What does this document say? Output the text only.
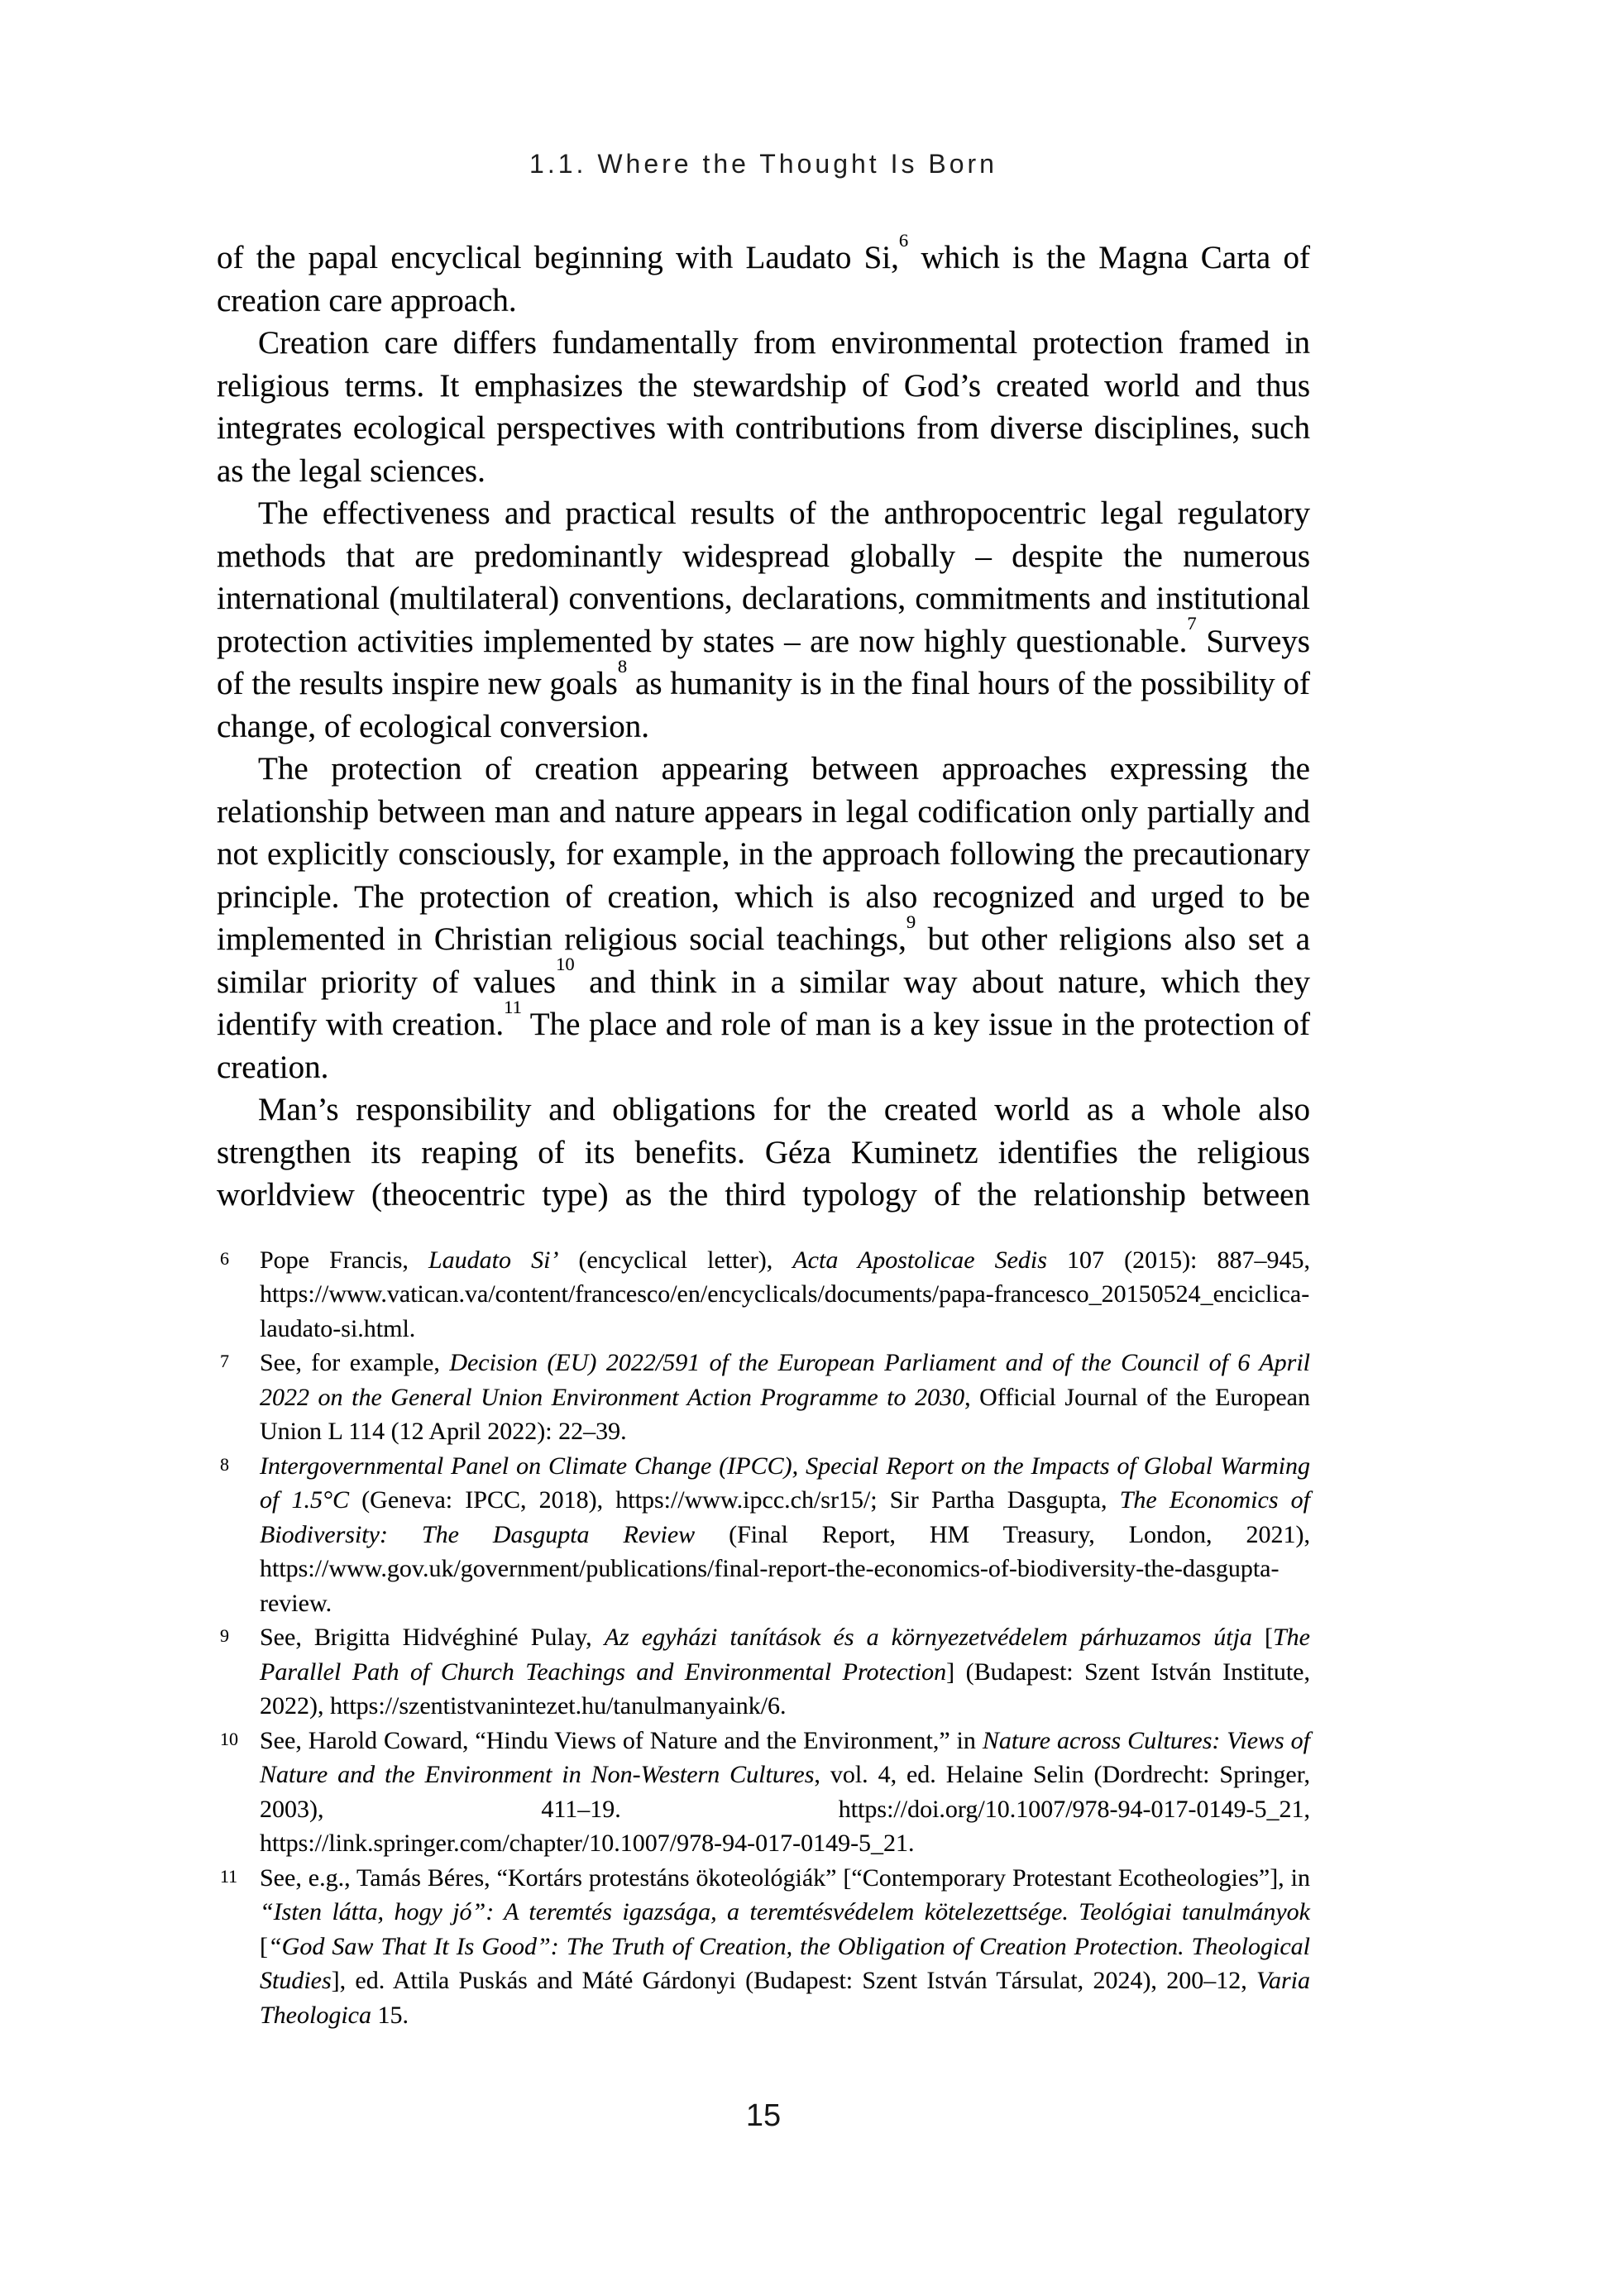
1.1. Where the Thought Is Born

of the papal encyclical beginning with Laudato Si,$^6$ which is the Magna Carta of creation care approach.

Creation care differs fundamentally from environmental protection framed in religious terms. It emphasizes the stewardship of God’s created world and thus integrates ecological perspectives with contributions from diverse disciplines, such as the legal sciences.

The effectiveness and practical results of the anthropocentric legal regulatory methods that are predominantly widespread globally – despite the numerous international (multilateral) conventions, declarations, commitments and institutional protection activities implemented by states – are now highly questionable.$^7$ Surveys of the results inspire new goals$^8$ as humanity is in the final hours of the possibility of change, of ecological conversion.

The protection of creation appearing between approaches expressing the relationship between man and nature appears in legal codification only partially and not explicitly consciously, for example, in the approach following the precautionary principle. The protection of creation, which is also recognized and urged to be implemented in Christian religious social teachings,$^9$ but other religions also set a similar priority of values$^{10}$ and think in a similar way about nature, which they identify with creation.$^{11}$ The place and role of man is a key issue in the protection of creation.

Man’s responsibility and obligations for the created world as a whole also strengthen its reaping of its benefits. Géza Kuminetz identifies the religious worldview (theocentric type) as the third typology of the relationship between

6 Pope Francis, Laudato Si’ (encyclical letter), Acta Apostolicae Sedis 107 (2015): 887–945, https://www.vatican.va/content/francesco/en/encyclicals/documents/papa-francesco_20150524_enciclica-laudato-si.html.
7 See, for example, Decision (EU) 2022/591 of the European Parliament and of the Council of 6 April 2022 on the General Union Environment Action Programme to 2030, Official Journal of the European Union L 114 (12 April 2022): 22–39.
8 Intergovernmental Panel on Climate Change (IPCC), Special Report on the Impacts of Global Warming of 1.5°C (Geneva: IPCC, 2018), https://www.ipcc.ch/sr15/; Sir Partha Dasgupta, The Economics of Biodiversity: The Dasgupta Review (Final Report, HM Treasury, London, 2021), https://www.gov.uk/government/publications/final-report-the-economics-of-biodiversity-the-dasgupta-review.
9 See, Brigitta Hidvéghiné Pulay, Az egyházi tanítások és a környezetvédelem párhuzamos útja [The Parallel Path of Church Teachings and Environmental Protection] (Budapest: Szent István Institute, 2022), https://szentistvanintezet.hu/tanulmanyaink/6.
10 See, Harold Coward, “Hindu Views of Nature and the Environment,” in Nature across Cultures: Views of Nature and the Environment in Non-Western Cultures, vol. 4, ed. Helaine Selin (Dordrecht: Springer, 2003), 411–19. https://doi.org/10.1007/978-94-017-0149-5_21, https://link.springer.com/chapter/10.1007/978-94-017-0149-5_21.
11 See, e.g., Tamás Béres, “Kortárs protestáns ökoteológiák” [“Contemporary Protestant Ecotheologies”], in “Isten látta, hogy jó”: A teremtés igazsága, a teremtésvédelem kötelezettsége. Teológiai tanulmányok [“God Saw That It Is Good”: The Truth of Creation, the Obligation of Creation Protection. Theological Studies], ed. Attila Puskás and Máté Gárdonyi (Budapest: Szent István Társulat, 2024), 200–12, Varia Theologica 15.
15
